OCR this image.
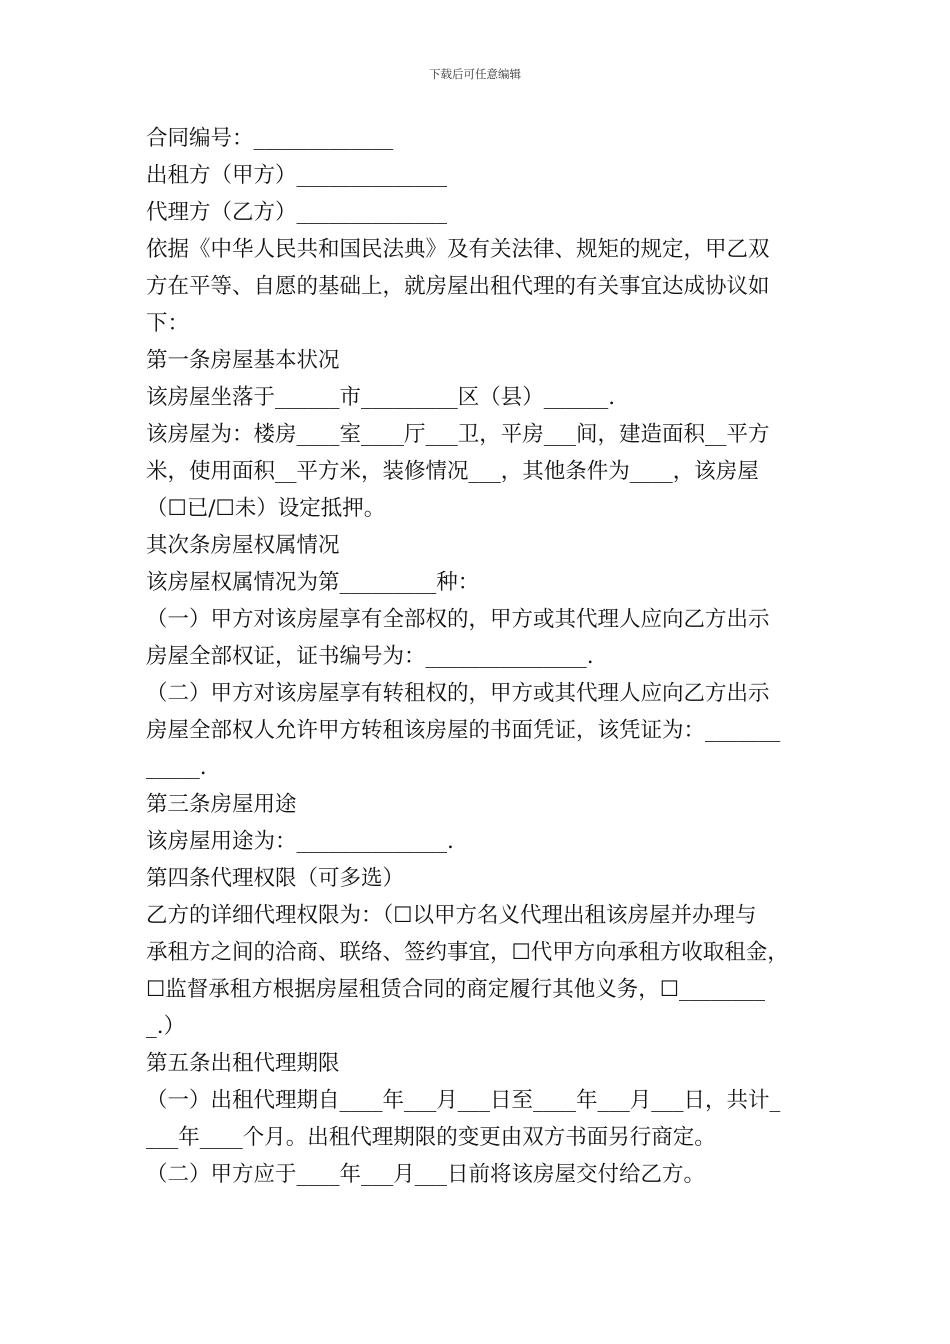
下载后可任意编辑
合同编号：_____________
出租方（甲方）______________
代理方（乙方）______________
依据《中华人民共和国民法典》及有关法律、规矩的规定，甲乙双
方在平等、自愿的基础上，就房屋出租代理的有关事宜达成协议如
下：
第一条房屋基本状况
该房屋坐落于______市_________区（县）______.
该房屋为：楼房____室____厅___卫，平房___间，建造面积__平方
米，使用面积__平方米，装修情况___，其他条件为____，该房屋
（☐已/☐未）设定抵押。
其次条房屋权属情况
该房屋权属情况为第_________种：
（一）甲方对该房屋享有全部权的，甲方或其代理人应向乙方出示
房屋全部权证，证书编号为：_______________.
（二）甲方对该房屋享有转租权的，甲方或其代理人应向乙方出示
房屋全部权人允许甲方转租该房屋的书面凭证，该凭证为：_______
_____.
第三条房屋用途
该房屋用途为：______________.
第四条代理权限（可多选）
乙方的详细代理权限为：（☐以甲方名义代理出租该房屋并办理与
承租方之间的洽商、联络、签约事宜，☐代甲方向承租方收取租金，
☐监督承租方根据房屋租赁合同的商定履行其他义务，☐________
_.）
第五条出租代理期限
（一）出租代理期自____年___月___日至____年___月___日，共计_
___年____个月。出租代理期限的变更由双方书面另行商定。
（二）甲方应于____年___月___日前将该房屋交付给乙方。
